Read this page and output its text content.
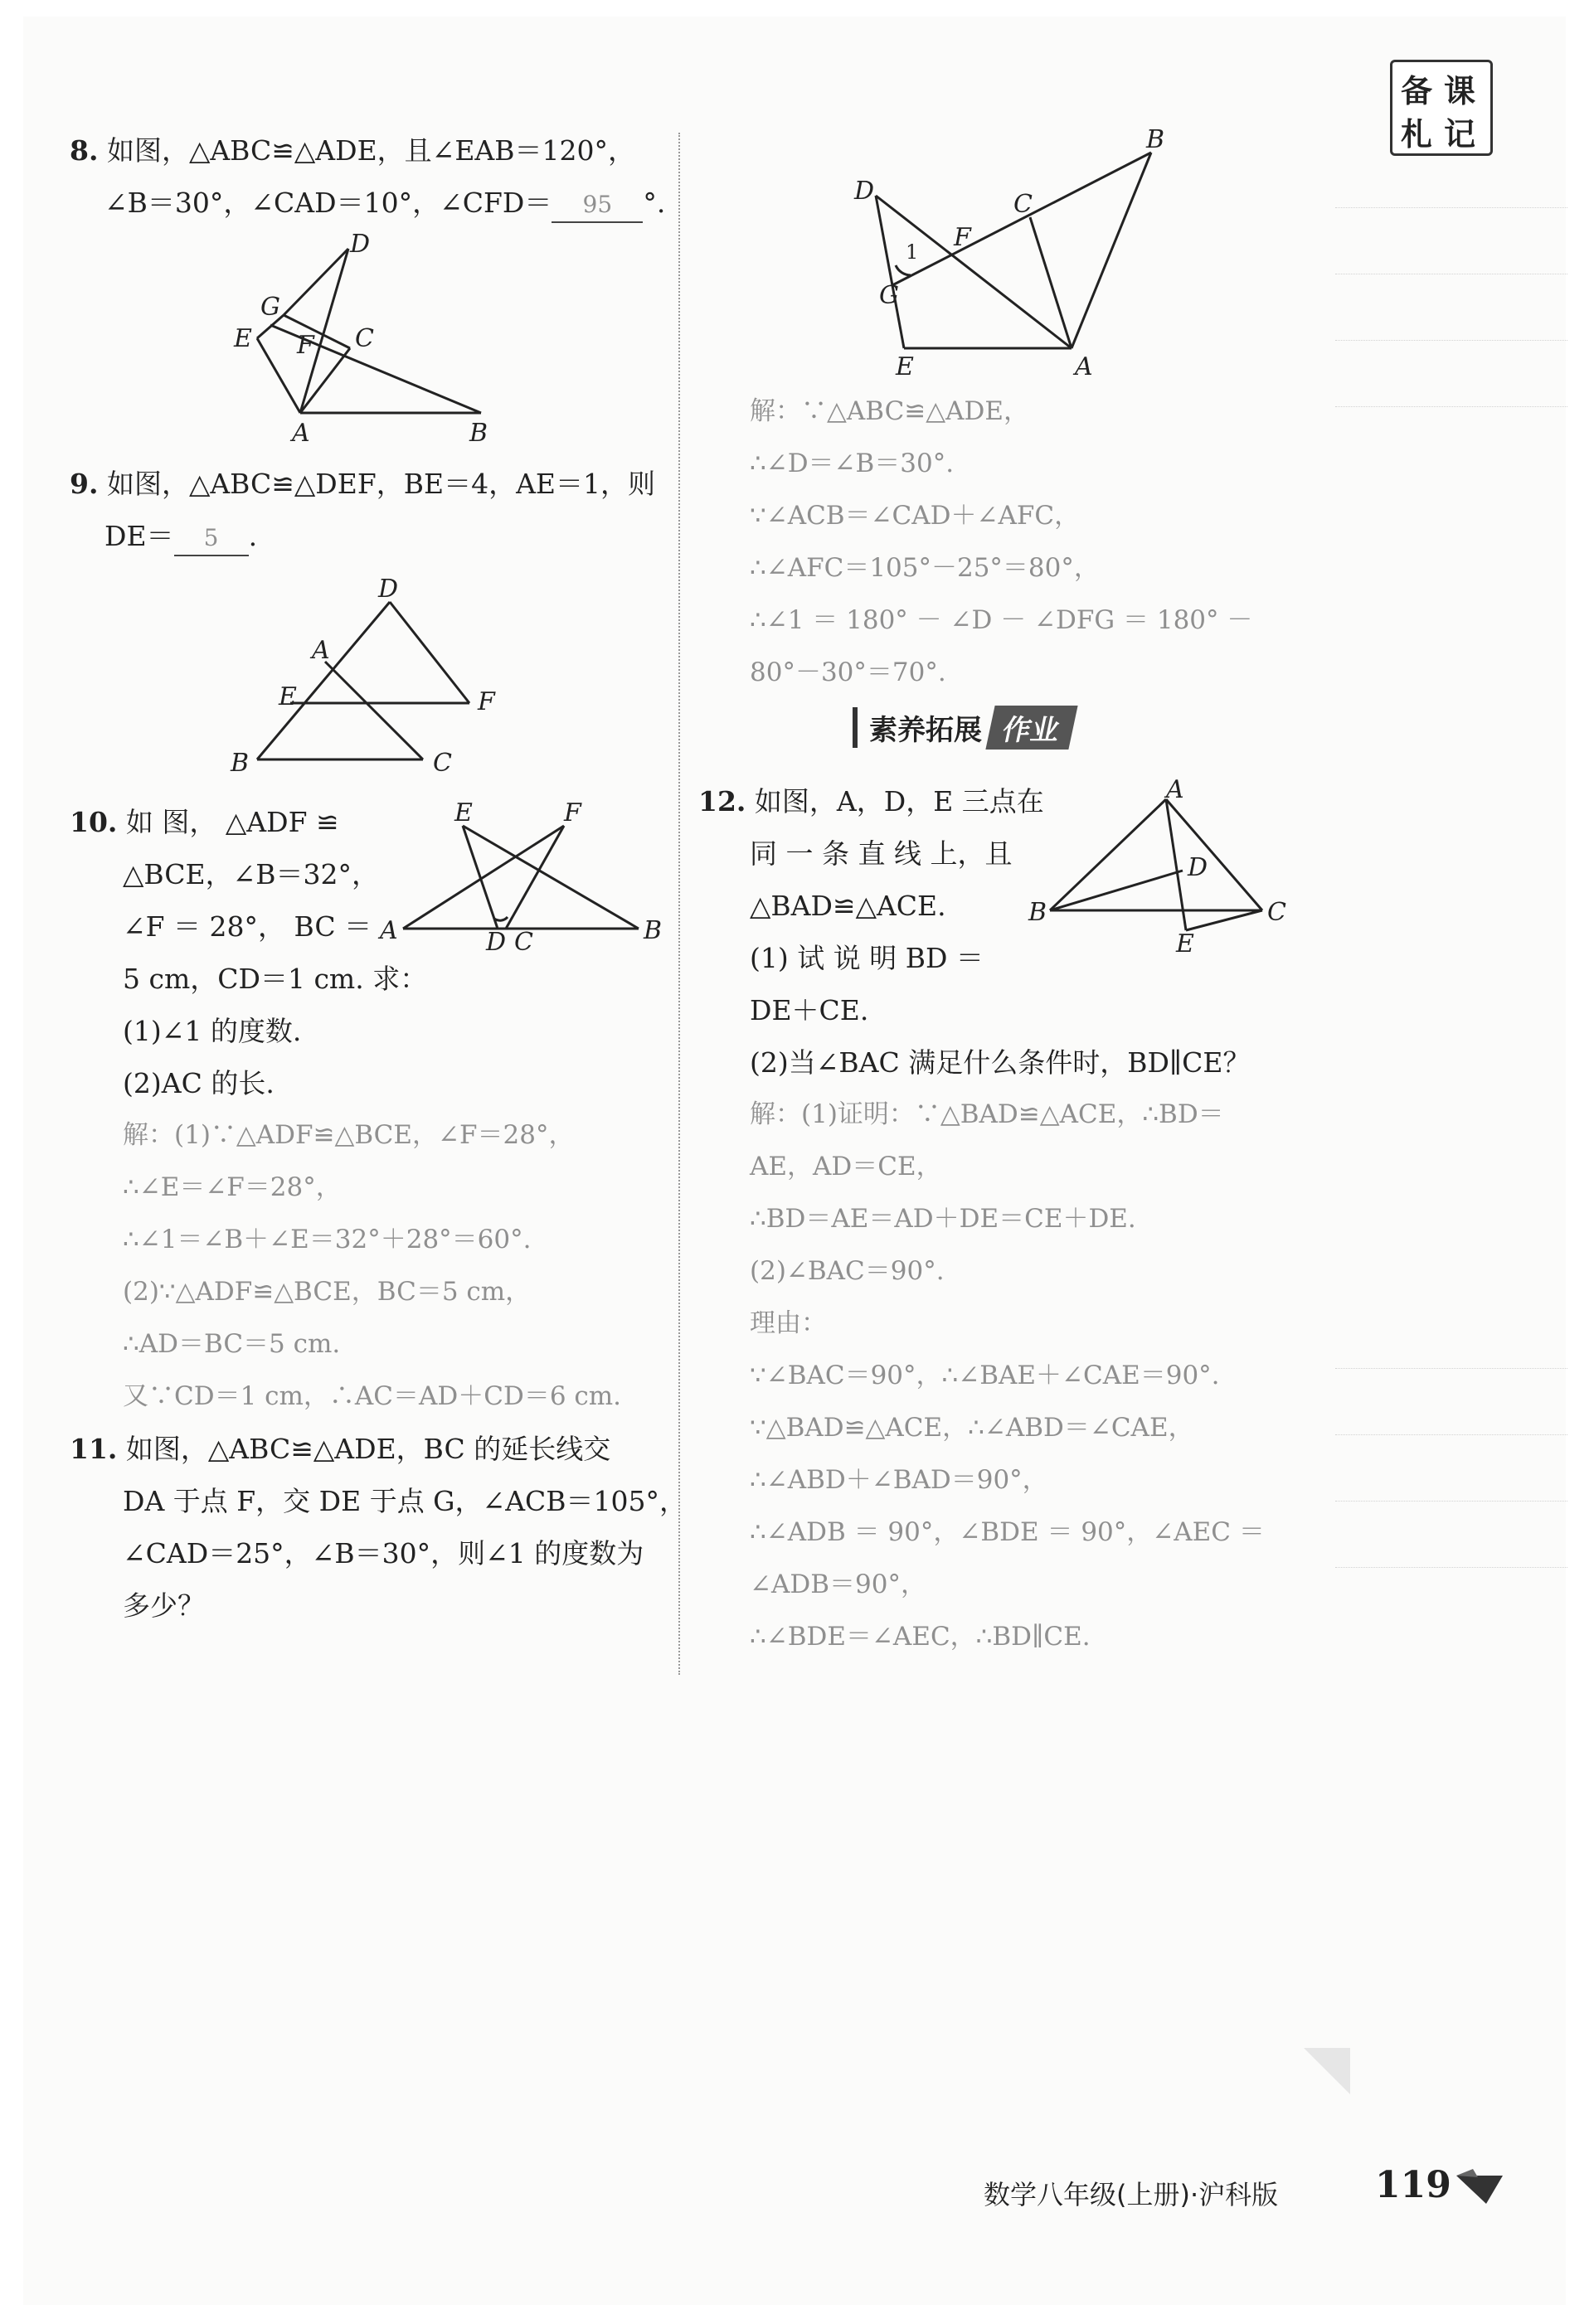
备 课
札 记
8. 如图，△ABC≌△ADE，且∠EAB＝120°，
∠B＝30°，∠CAD＝10°，∠CFD＝ 95 °.
D
G
E F C
A	B
9. 如图，△ABC≌△DEF，BE＝4，AE＝1，则
DE＝ 5 .
D
A
E	F
B	C
10. 如 图， △ADF ≌
△BCE，∠B＝32°，
∠F ＝ 28°， BC ＝
5 cm，CD＝1 cm. 求：
(1)∠1 的度数.
(2)AC 的长.
E	F
A	D C	B
解：(1)∵△ADF≌△BCE，∠F＝28°，
∴∠E＝∠F＝28°，
∴∠1＝∠B＋∠E＝32°＋28°＝60°.
(2)∵△ADF≌△BCE，BC＝5 cm，
∴AD＝BC＝5 cm.
又∵CD＝1 cm，∴AC＝AD＋CD＝6 cm.
11. 如图，△ABC≌△ADE，BC 的延长线交
DA 于点 F，交 DE 于点 G，∠ACB＝105°，
∠CAD＝25°，∠B＝30°，则∠1 的度数为
多少？
D
B
C
F
1
G
E	A
解：∵△ABC≌△ADE，
∴∠D＝∠B＝30°.
∵∠ACB＝∠CAD＋∠AFC，
∴∠AFC＝105°－25°＝80°，
∴∠1 ＝ 180° － ∠D － ∠DFG ＝ 180° －
80°－30°＝70°.
素养拓展 作业
12. 如图，A，D，E 三点在
同 一 条 直 线 上，且
△BAD≌△ACE.
(1) 试 说 明 BD ＝
DE＋CE.
(2)当∠BAC 满足什么条件时，BD∥CE？
A
D
B	C
E
解：(1)证明：∵△BAD≌△ACE，∴BD＝
AE，AD＝CE，
∴BD＝AE＝AD＋DE＝CE＋DE.
(2)∠BAC＝90°.
理由：
∵∠BAC＝90°，∴∠BAE＋∠CAE＝90°.
∵△BAD≌△ACE，∴∠ABD＝∠CAE，
∴∠ABD＋∠BAD＝90°，
∴∠ADB ＝ 90°，∠BDE ＝ 90°，∠AEC ＝
∠ADB＝90°，
∴∠BDE＝∠AEC，∴BD∥CE.
数学八年级(上册)·沪科版	119
